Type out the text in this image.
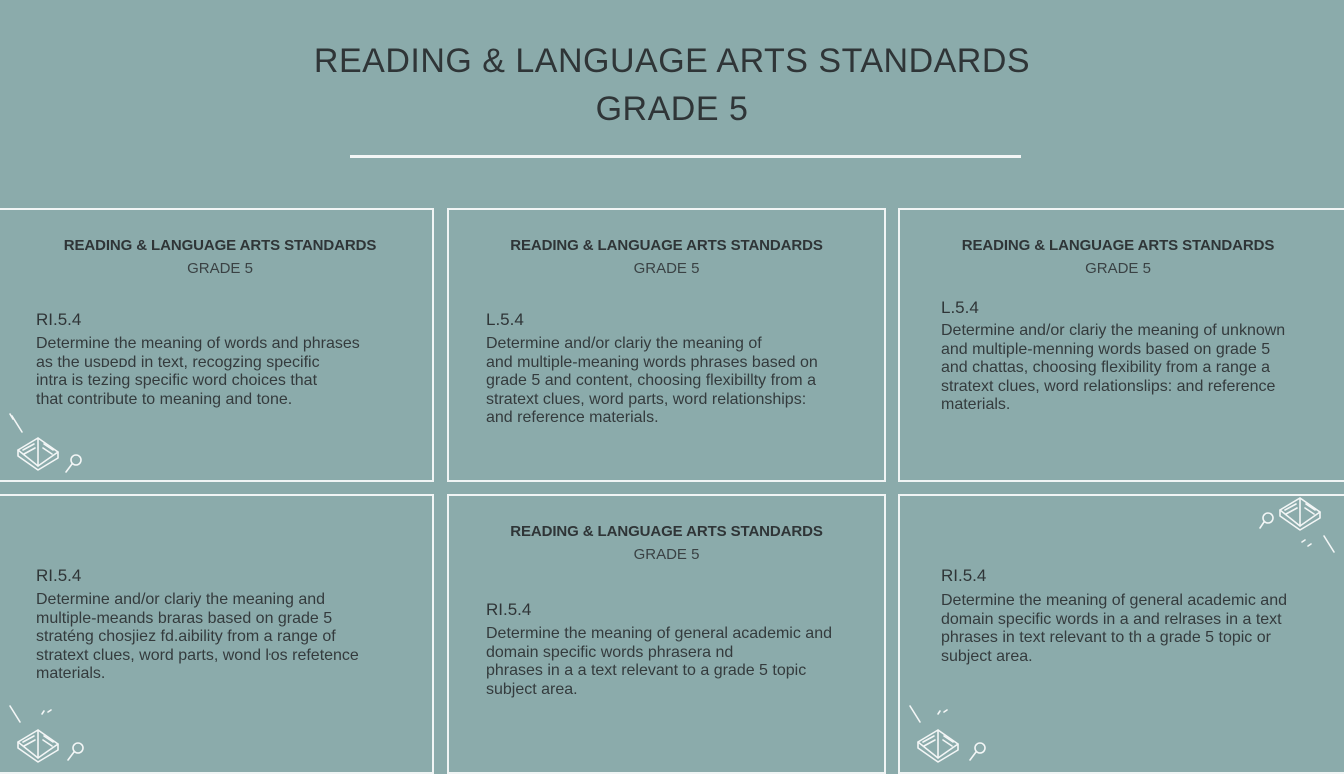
READING & LANGUAGE ARTS STANDARDS
GRADE 5
READING & LANGUAGE ARTS STANDARDS
GRADE 5
RI.5.4
Determine the meaning of words and phrases
as the usᴅeᴅd in text, recogzing specific
intra is tezing specific word choices that
that contribute to meaning and tone.
READING & LANGUAGE ARTS STANDARDS
GRADE 5
L.5.4
Determine and/or clariy the meaning of
and multiple-meaning words phrases based on
grade 5 and content, choosing flexibillty from a
stratext clues, word parts, word relationships:
and reference materials.
READING & LANGUAGE ARTS STANDARDS
GRADE 5
L.5.4
Determine and/or clariy the meaning of unknown
and multiple-menning words based on grade 5
and chattas, choosing flexibility from a range a
stratext clues, word relationslips: and reference
materials.
RI.5.4
Determine and/or clariy the meaning and
multiple-meands braras based on grade 5
straténg chosjiez fd.aibility from a range of
stratext clues, word parts, wond ŀos refetence
materials.
READING & LANGUAGE ARTS STANDARDS
GRADE 5
RI.5.4
Determine the meaning of general academic and
domain specific words phrasera nd
phrases in a a text relevant to a grade 5 topic
subject area.
RI.5.4
Determine the meaning of general academic and
domain specific words in a and relrases in a text
phrases in text relevant to th a grade 5 topic or
subject area.
